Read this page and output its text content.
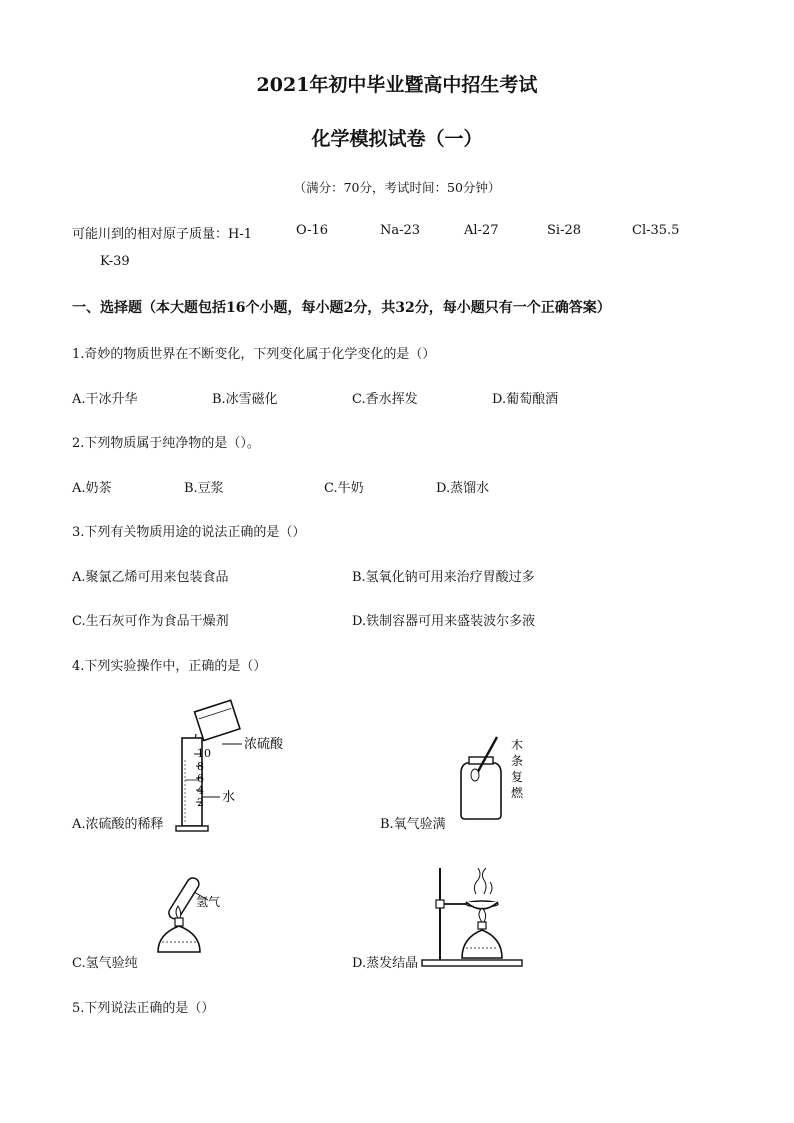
2021年初中毕业暨高中招生考试
化学模拟试卷（一）
（满分：70分，考试时间：50分钟）
可能川到的相对原子质量：H-1	O-16	Na-23	Al-27	Si-28	Cl-35.5
K-39
一、选择题（本大题包括16个小题，每小题2分，共32分，每小题只有一个正确答案）
1.奇妙的物质世界在不断变化，下列变化属于化学变化的是（）
A.干冰升华	B.冰雪磁化	C.香水挥发	D.葡萄酿酒
2.下列物质属于纯净物的是（）。
A.奶茶	B.豆浆	C.牛奶	D.蒸馏水
3.下列有关物质用途的说法正确的是（）
A.聚氯乙烯可用来包装食品	B.氢氧化钠可用来治疗胃酸过多
C.生石灰可作为食品干燥剂	D.铁制容器可用来盛装波尔多液
4.下列实验操作中，正确的是（）
10
8
6
4
2
浓硫酸
水
A.浓硫酸的稀释
木
条
复
燃
B.氧气验满
氢气
C.氢气验纯	D.蒸发结晶
5.下列说法正确的是（）
